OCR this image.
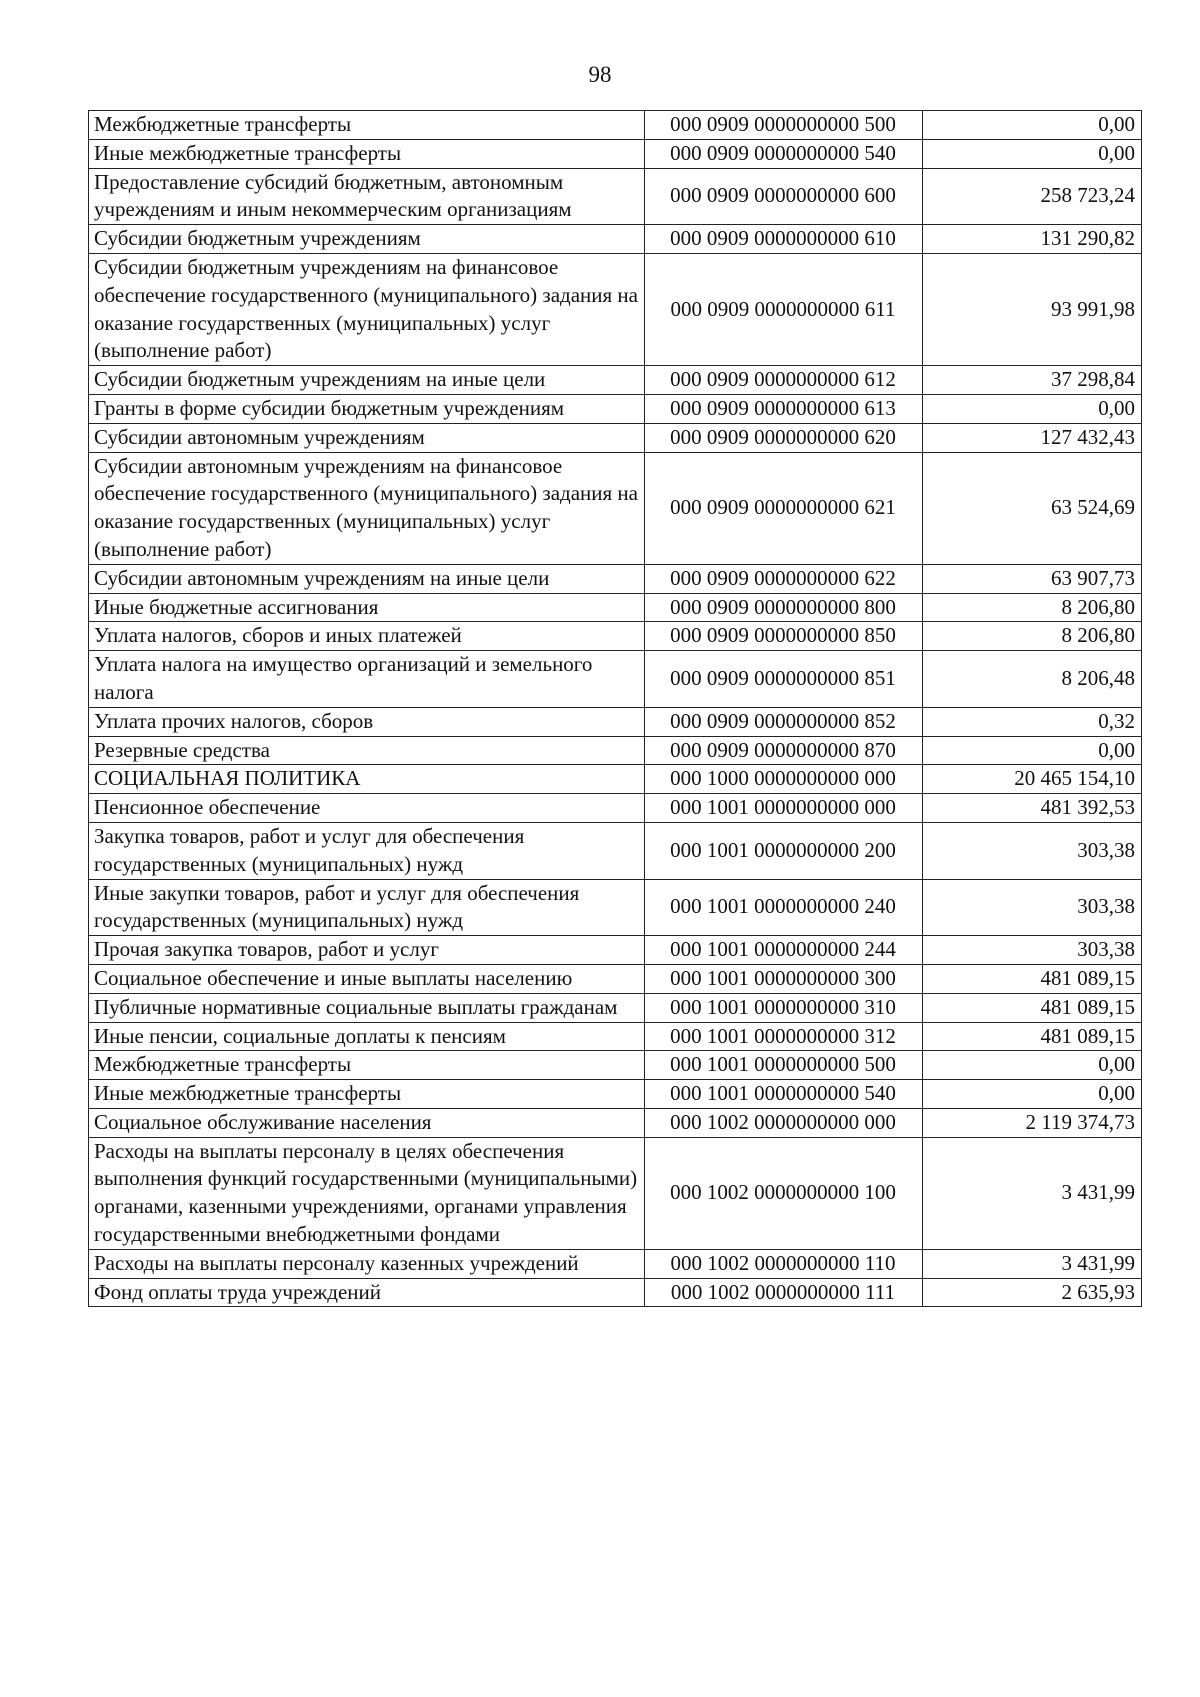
98
Межбюджетные трансферты	000 0909 0000000000 500	0,00
Иные межбюджетные трансферты	000 0909 0000000000 540	0,00
Предоставление субсидий бюджетным, автономным учреждениям и иным некоммерческим организациям	000 0909 0000000000 600	258 723,24
Субсидии бюджетным учреждениям	000 0909 0000000000 610	131 290,82
Субсидии бюджетным учреждениям на финансовое обеспечение государственного (муниципального) задания на оказание государственных (муниципальных) услуг (выполнение работ)	000 0909 0000000000 611	93 991,98
Субсидии бюджетным учреждениям на иные цели	000 0909 0000000000 612	37 298,84
Гранты в форме субсидии бюджетным учреждениям	000 0909 0000000000 613	0,00
Субсидии автономным учреждениям	000 0909 0000000000 620	127 432,43
Субсидии автономным учреждениям на финансовое обеспечение государственного (муниципального) задания на оказание государственных (муниципальных) услуг (выполнение работ)	000 0909 0000000000 621	63 524,69
Субсидии автономным учреждениям на иные цели	000 0909 0000000000 622	63 907,73
Иные бюджетные ассигнования	000 0909 0000000000 800	8 206,80
Уплата налогов, сборов и иных платежей	000 0909 0000000000 850	8 206,80
Уплата налога на имущество организаций и земельного налога	000 0909 0000000000 851	8 206,48
Уплата прочих налогов, сборов	000 0909 0000000000 852	0,32
Резервные средства	000 0909 0000000000 870	0,00
СОЦИАЛЬНАЯ ПОЛИТИКА	000 1000 0000000000 000	20 465 154,10
Пенсионное обеспечение	000 1001 0000000000 000	481 392,53
Закупка товаров, работ и услуг для обеспечения государственных (муниципальных) нужд	000 1001 0000000000 200	303,38
Иные закупки товаров, работ и услуг для обеспечения государственных (муниципальных) нужд	000 1001 0000000000 240	303,38
Прочая закупка товаров, работ и услуг	000 1001 0000000000 244	303,38
Социальное обеспечение и иные выплаты населению	000 1001 0000000000 300	481 089,15
Публичные нормативные социальные выплаты гражданам	000 1001 0000000000 310	481 089,15
Иные пенсии, социальные доплаты к пенсиям	000 1001 0000000000 312	481 089,15
Межбюджетные трансферты	000 1001 0000000000 500	0,00
Иные межбюджетные трансферты	000 1001 0000000000 540	0,00
Социальное обслуживание населения	000 1002 0000000000 000	2 119 374,73
Расходы на выплаты персоналу в целях обеспечения выполнения функций государственными (муниципальными) органами, казенными учреждениями, органами управления государственными внебюджетными фондами	000 1002 0000000000 100	3 431,99
Расходы на выплаты персоналу казенных учреждений	000 1002 0000000000 110	3 431,99
Фонд оплаты труда учреждений	000 1002 0000000000 111	2 635,93
